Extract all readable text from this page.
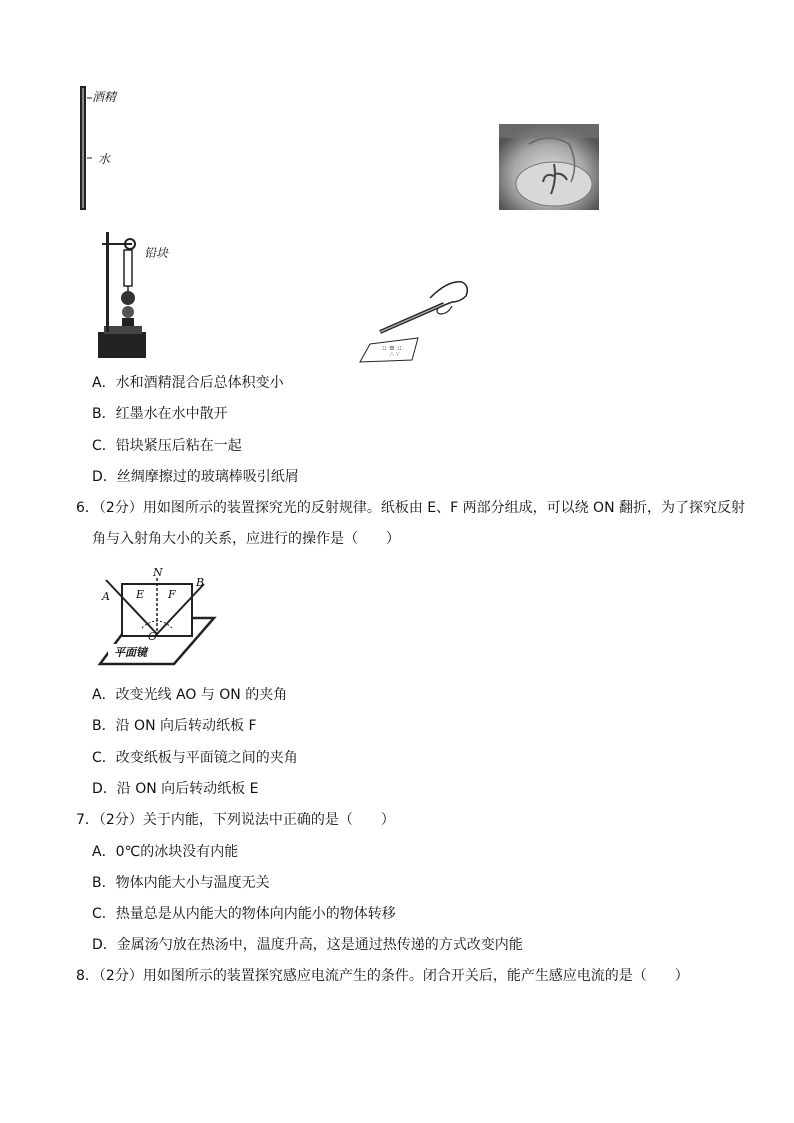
酒精
水
铅块
:: ≡ ::
∴ ∵
A．水和酒精混合后总体积变小
B．红墨水在水中散开
C．铅块紧压后粘在一起
D．丝绸摩擦过的玻璃棒吸引纸屑
6．（2分）用如图所示的装置探究光的反射规律。纸板由 E、F 两部分组成，可以绕 ON 翻折，为了探究反射
角与入射角大小的关系，应进行的操作是（　　）
N
E F
A
B
O
平面镜
A．改变光线 AO 与 ON 的夹角
B．沿 ON 向后转动纸板 F
C．改变纸板与平面镜之间的夹角
D．沿 ON 向后转动纸板 E
7．（2分）关于内能，下列说法中正确的是（　　）
A．0℃的冰块没有内能
B．物体内能大小与温度无关
C．热量总是从内能大的物体向内能小的物体转移
D．金属汤勺放在热汤中，温度升高，这是通过热传递的方式改变内能
8．（2分）用如图所示的装置探究感应电流产生的条件。闭合开关后，能产生感应电流的是（　　）
